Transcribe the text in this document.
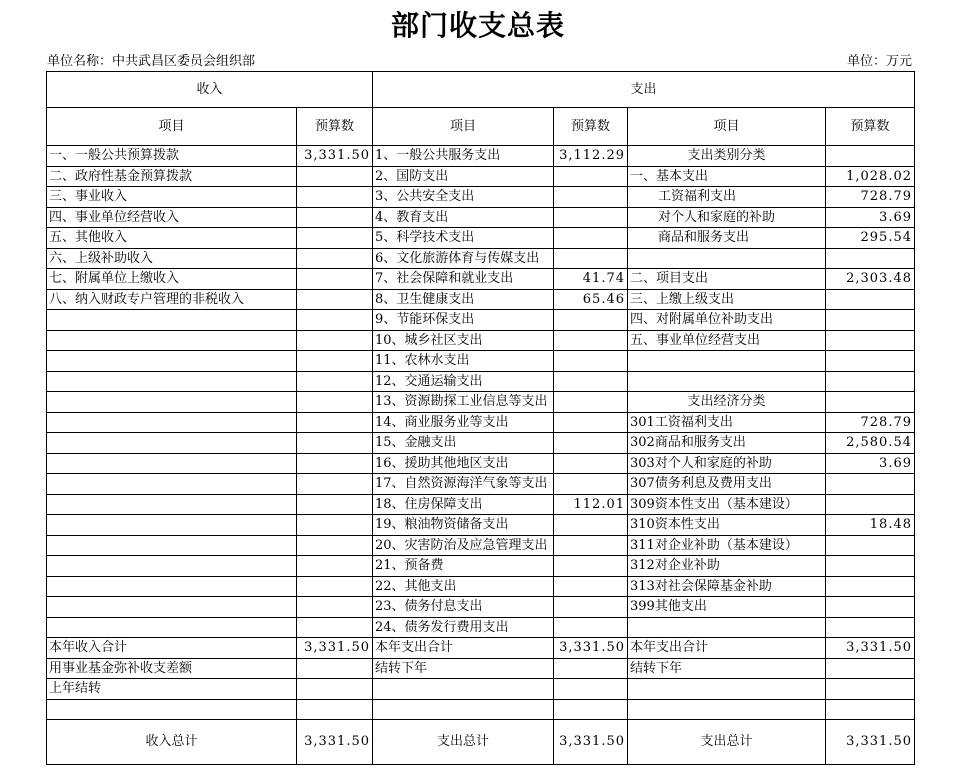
部门收支总表
单位名称：中共武昌区委员会组织部	单位：万元
收入		支出			
项目	预算数	项目	预算数	项目	预算数
一、一般公共预算拨款	3,331.50	1、一般公共服务支出	3,112.29	支出类别分类	
二、政府性基金预算拨款		2、国防支出		一、基本支出	1,028.02
三、事业收入		3、公共安全支出		工资福利支出	728.79
四、事业单位经营收入		4、教育支出		对个人和家庭的补助	3.69
五、其他收入		5、科学技术支出		商品和服务支出	295.54
六、上级补助收入		6、文化旅游体育与传媒支出			
七、附属单位上缴收入		7、社会保障和就业支出	41.74	二、项目支出	2,303.48
八、纳入财政专户管理的非税收入		8、卫生健康支出	65.46	三、上缴上级支出	
		9、节能环保支出		四、对附属单位补助支出	
		10、城乡社区支出		五、事业单位经营支出	
		11、农林水支出			
		12、交通运输支出			
		13、资源勘探工业信息等支出		支出经济分类	
		14、商业服务业等支出		301工资福利支出	728.79
		15、金融支出		302商品和服务支出	2,580.54
		16、援助其他地区支出		303对个人和家庭的补助	3.69
		17、自然资源海洋气象等支出		307债务利息及费用支出	
		18、住房保障支出	112.01	309资本性支出（基本建设）	
		19、粮油物资储备支出		310资本性支出	18.48
		20、灾害防治及应急管理支出		311对企业补助（基本建设）	
		21、预备费		312对企业补助	
		22、其他支出		313对社会保障基金补助	
		23、债务付息支出		399其他支出	
		24、债务发行费用支出			
本年收入合计	3,331.50	本年支出合计	3,331.50	本年支出合计	3,331.50
用事业基金弥补收支差额		结转下年		结转下年	
上年结转					

收入总计	3,331.50	支出总计	3,331.50	支出总计	3,331.50
